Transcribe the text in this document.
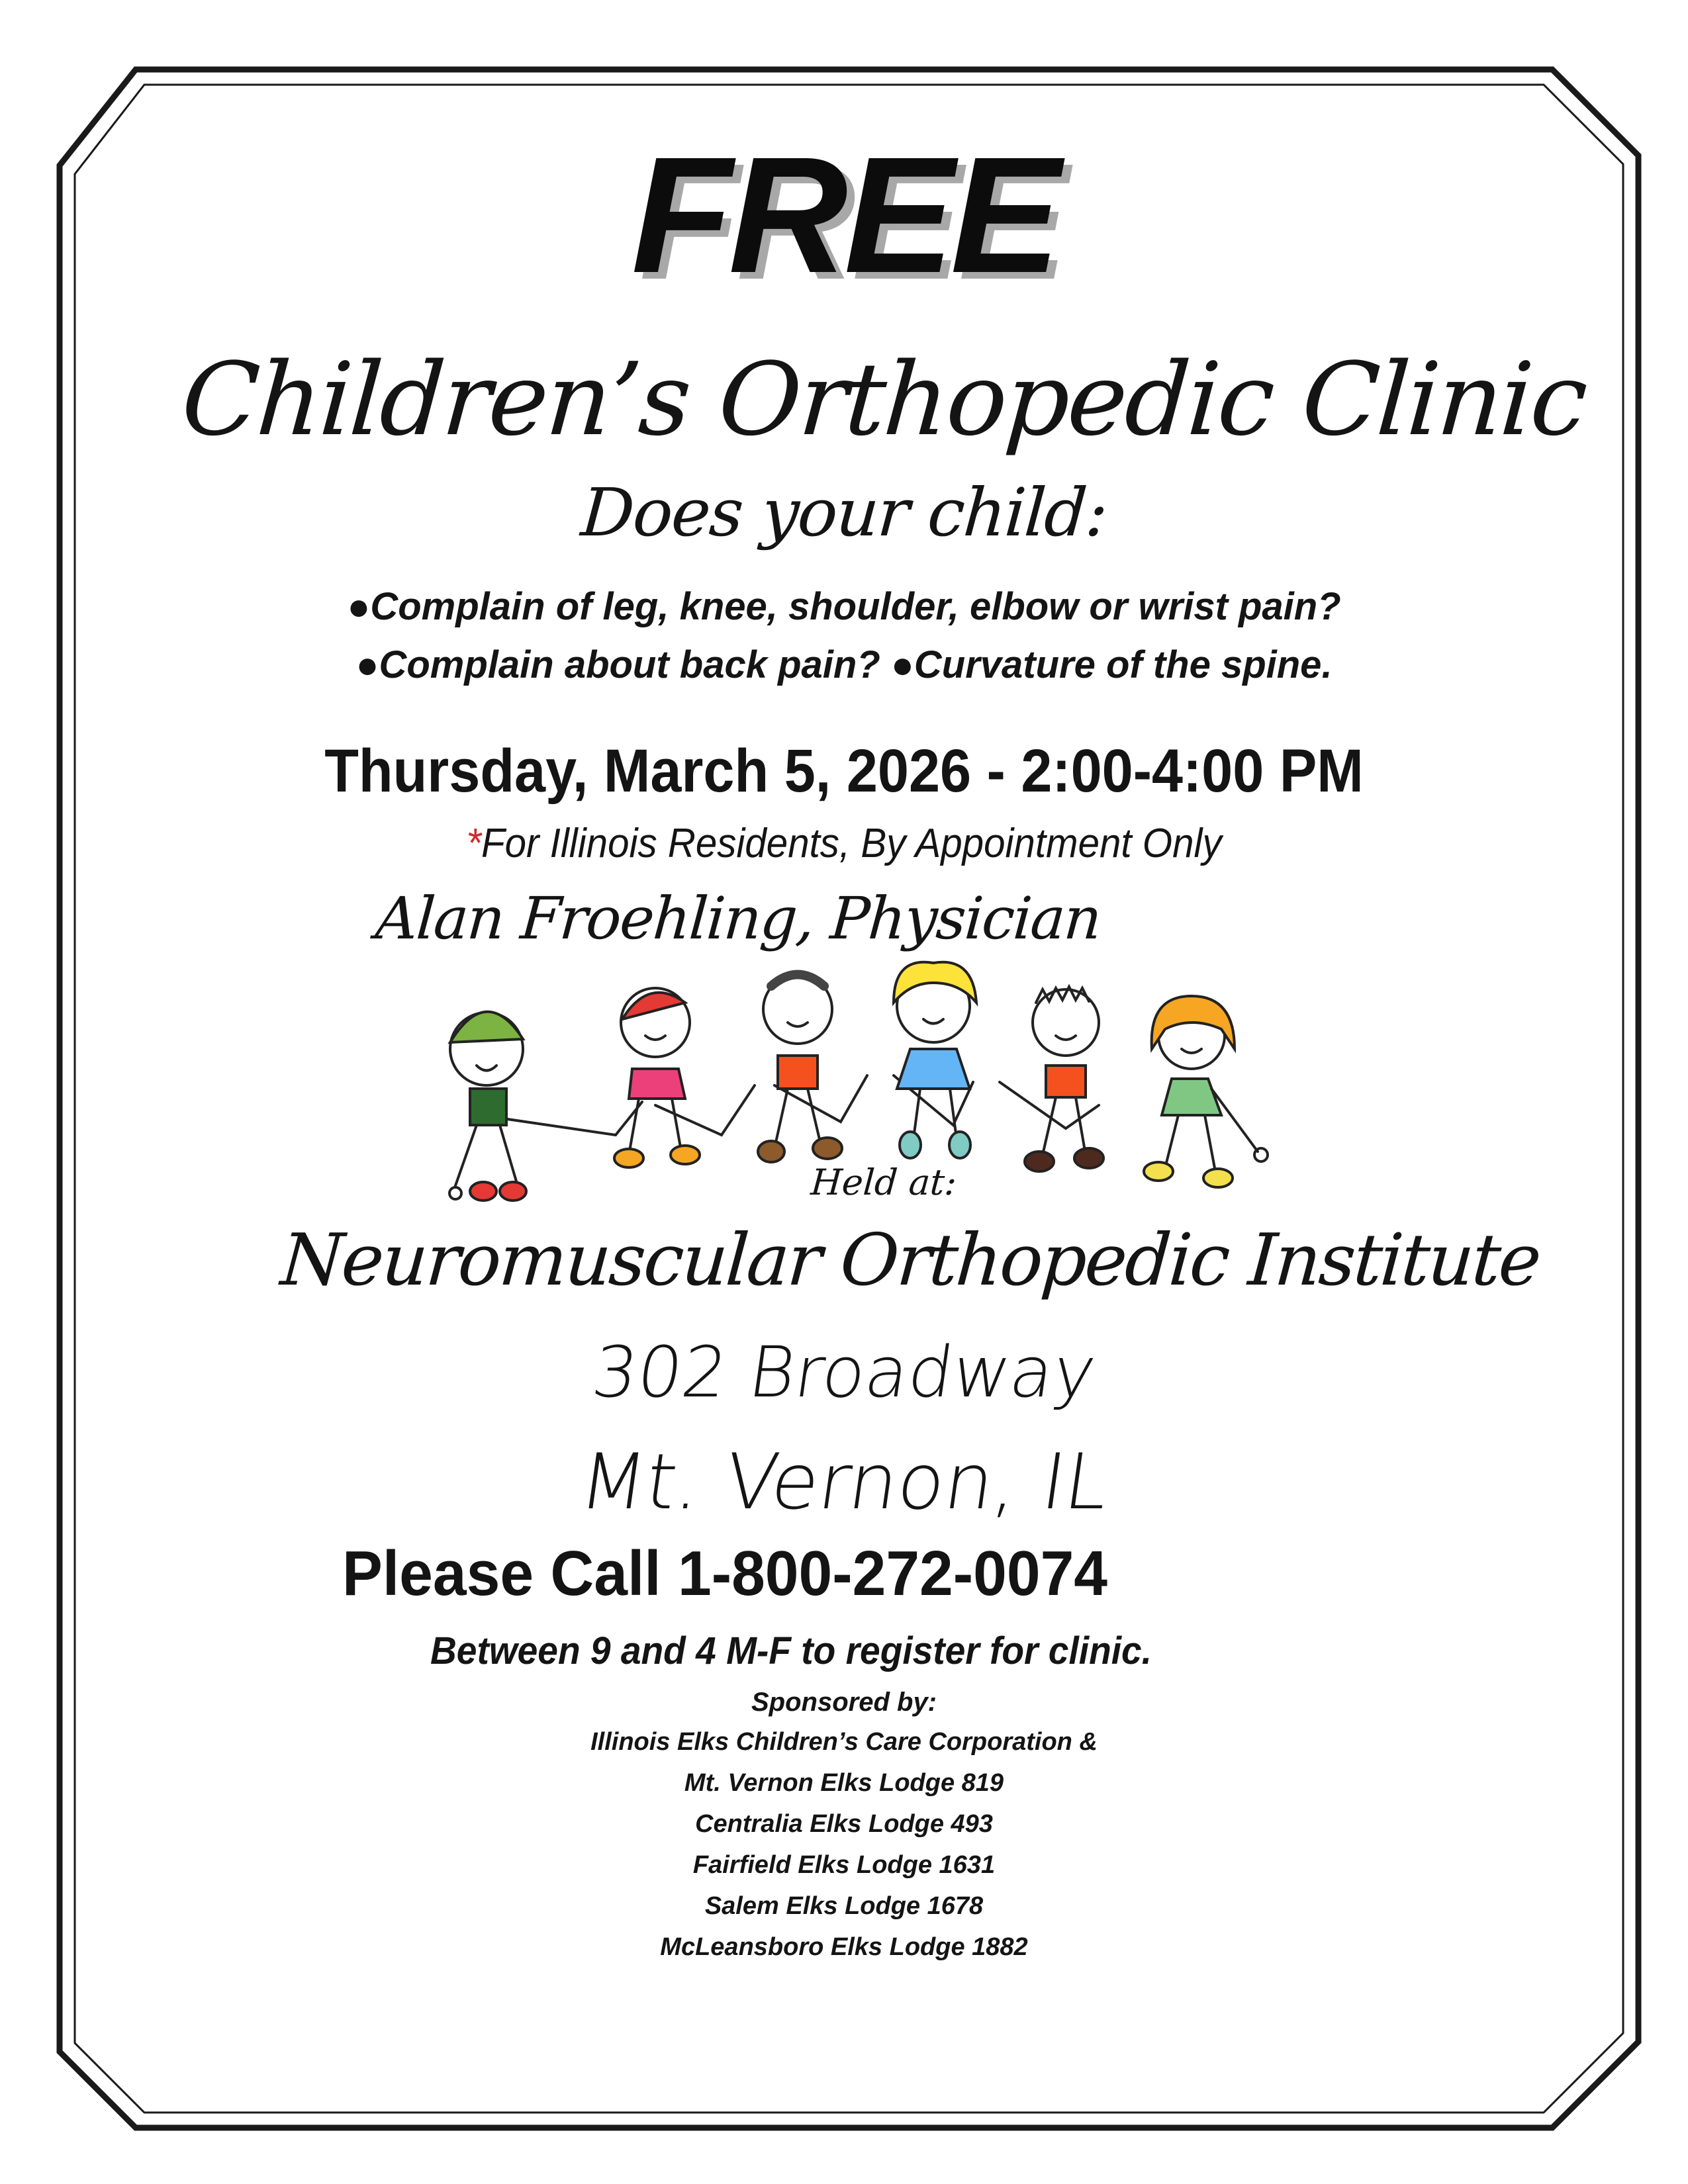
FREE
Children’s Orthopedic Clinic
Does your child:
●Complain of leg, knee, shoulder, elbow or wrist pain?
●Complain about back pain? ●Curvature of the spine.
Thursday, March 5, 2026 - 2:00-4:00 PM
*For Illinois Residents, By Appointment Only
Alan Froehling, Physician
Held at:
Neuromuscular Orthopedic Institute
302 Broadway
Mt. Vernon, IL
Please Call 1-800-272-0074
Between 9 and 4 M-F to register for clinic.
Sponsored by:
Illinois Elks Children’s Care Corporation &
Mt. Vernon Elks Lodge 819
Centralia Elks Lodge 493
Fairfield Elks Lodge 1631
Salem Elks Lodge 1678
McLeansboro Elks Lodge 1882
